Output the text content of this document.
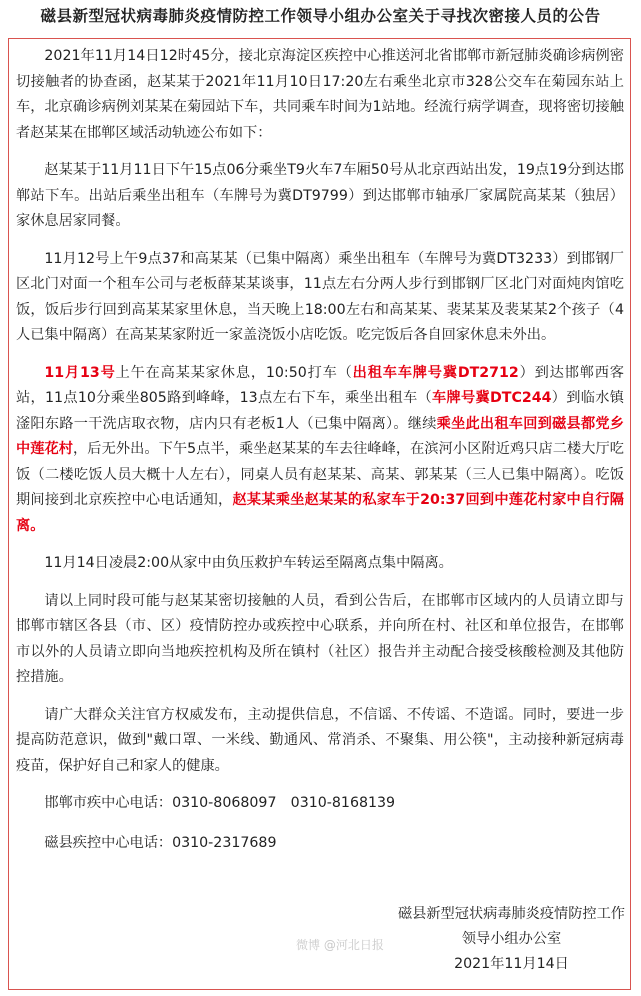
磁县新型冠状病毒肺炎疫情防控工作领导小组办公室关于寻找次密接人员的公告

2021年11月14日12时45分，接北京海淀区疾控中心推送河北省邯郸市新冠肺炎确诊病例密切接触者的协查函，赵某某于2021年11月10日17:20左右乘坐北京市328公交车在菊园东站上车，北京确诊病例刘某某在菊园站下车，共同乘车时间为1站地。经流行病学调查，现将密切接触者赵某某在邯郸区域活动轨迹公布如下：

赵某某于11月11日下午15点06分乘坐T9火车7车厢50号从北京西站出发，19点19分到达邯郸站下车。出站后乘坐出租车（车牌号为冀DT9799）到达邯郸市轴承厂家属院高某某（独居）家休息居家同餐。

11月12号上午9点37和高某某（已集中隔离）乘坐出租车（车牌号为冀DT3233）到邯钢厂区北门对面一个租车公司与老板薛某某谈事，11点左右分两人步行到邯钢厂区北门对面炖肉馆吃饭，饭后步行回到高某某家里休息，当天晚上18:00左右和高某某、裴某某及裴某某2个孩子（4人已集中隔离）在高某某家附近一家盖浇饭小店吃饭。吃完饭后各自回家休息未外出。

11月13号上午在高某某家休息，10:50打车（出租车车牌号冀DT2712）到达邯郸西客站，11点10分乘坐805路到峰峰，13点左右下车，乘坐出租车（车牌号冀DTC244）到临水镇滏阳东路一干洗店取衣物，店内只有老板1人（已集中隔离）。继续乘坐此出租车回到磁县都党乡中莲花村，后无外出。下午5点半，乘坐赵某某的车去往峰峰，在滨河小区附近鸡只店二楼大厅吃饭（二楼吃饭人员大概十人左右），同桌人员有赵某某、高某、郭某某（三人已集中隔离）。吃饭期间接到北京疾控中心电话通知，赵某某乘坐赵某某的私家车于20:37回到中莲花村家中自行隔离。

11月14日凌晨2:00从家中由负压救护车转运至隔离点集中隔离。

请以上同时段可能与赵某某密切接触的人员，看到公告后，在邯郸市区域内的人员请立即与邯郸市辖区各县（市、区）疫情防控办或疾控中心联系，并向所在村、社区和单位报告，在邯郸市以外的人员请立即向当地疾控机构及所在镇村（社区）报告并主动配合接受核酸检测及其他防控措施。

请广大群众关注官方权威发布，主动提供信息，不信谣、不传谣、不造谣。同时，要进一步提高防范意识，做到"戴口罩、一米线、勤通风、常消杀、不聚集、用公筷"，主动接种新冠病毒疫苗，保护好自己和家人的健康。

邯郸市疾中心电话：0310-8068097　0310-8168139

磁县疾控中心电话：0310-2317689

磁县新型冠状病毒肺炎疫情防控工作
领导小组办公室
2021年11月14日
微博 @河北日报
